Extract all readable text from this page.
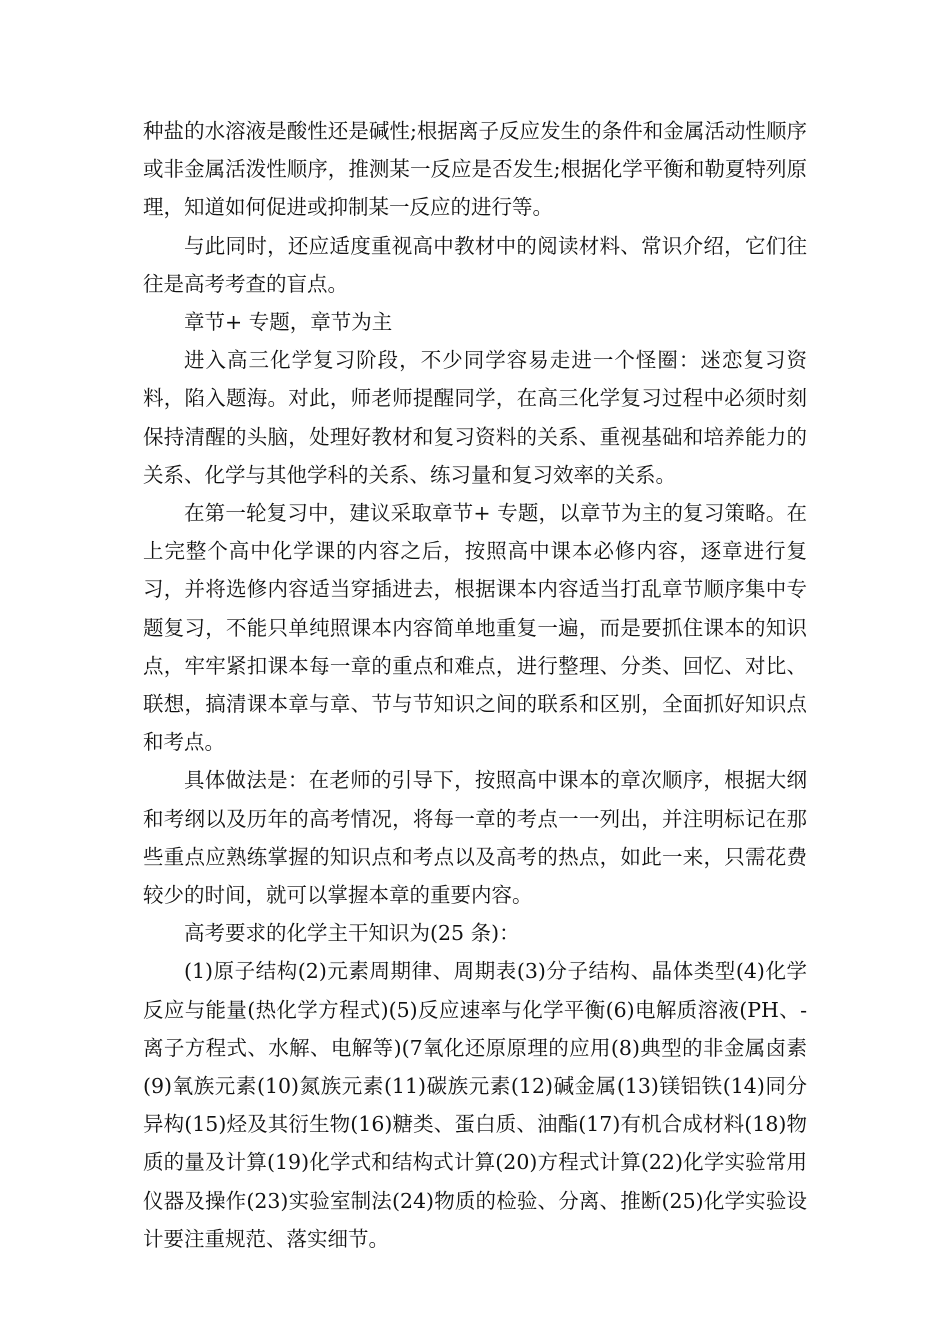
种盐的水溶液是酸性还是碱性;根据离子反应发生的条件和金属活动性顺序或非金属活泼性顺序，推测某一反应是否发生;根据化学平衡和勒夏特列原理，知道如何促进或抑制某一反应的进行等。

与此同时，还应适度重视高中教材中的阅读材料、常识介绍，它们往往是高考考查的盲点。

章节+ 专题，章节为主

进入高三化学复习阶段，不少同学容易走进一个怪圈：迷恋复习资料，陷入题海。对此，师老师提醒同学，在高三化学复习过程中必须时刻保持清醒的头脑，处理好教材和复习资料的关系、重视基础和培养能力的关系、化学与其他学科的关系、练习量和复习效率的关系。

在第一轮复习中，建议采取章节+ 专题，以章节为主的复习策略。在上完整个高中化学课的内容之后，按照高中课本必修内容，逐章进行复习，并将选修内容适当穿插进去，根据课本内容适当打乱章节顺序集中专题复习，不能只单纯照课本内容简单地重复一遍，而是要抓住课本的知识点，牢牢紧扣课本每一章的重点和难点，进行整理、分类、回忆、对比、联想，搞清课本章与章、节与节知识之间的联系和区别，全面抓好知识点和考点。

具体做法是：在老师的引导下，按照高中课本的章次顺序，根据大纲和考纲以及历年的高考情况，将每一章的考点一一列出，并注明标记在那些重点应熟练掌握的知识点和考点以及高考的热点，如此一来，只需花费较少的时间，就可以掌握本章的重要内容。

高考要求的化学主干知识为(25 条)：

(1)原子结构(2)元素周期律、周期表(3)分子结构、晶体类型(4)化学反应与能量(热化学方程式)(5)反应速率与化学平衡(6)电解质溶液(PH、-离子方程式、水解、电解等)(7氧化还原原理的应用(8)典型的非金属卤素(9)氧族元素(10)氮族元素(11)碳族元素(12)碱金属(13)镁铝铁(14)同分异构(15)烃及其衍生物(16)糖类、蛋白质、油酯(17)有机合成材料(18)物质的量及计算(19)化学式和结构式计算(20)方程式计算(22)化学实验常用仪器及操作(23)实验室制法(24)物质的检验、分离、推断(25)化学实验设计要注重规范、落实细节。
